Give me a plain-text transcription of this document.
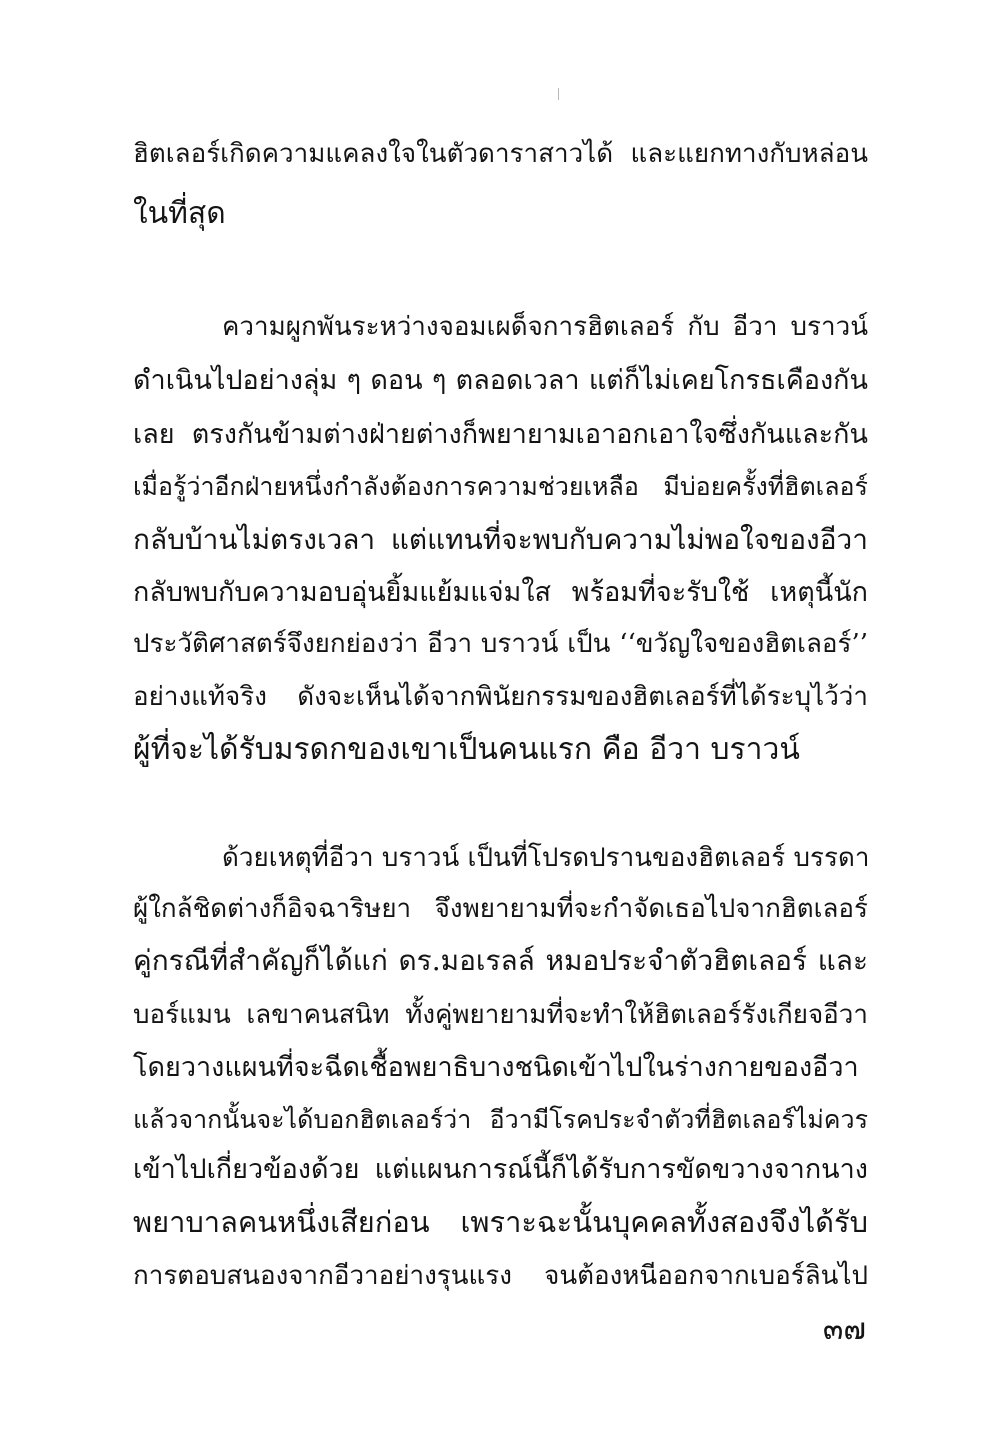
ฮิตเลอร์เกิดความแคลงใจในตัวดาราสาวได้ และแยกทางกับหล่อน
ในที่สุด
ความผูกพันระหว่างจอมเผด็จการฮิตเลอร์ กับ อีวา บราวน์
ดำเนินไปอย่างลุ่ม ๆ ดอน ๆ ตลอดเวลา แต่ก็ไม่เคยโกรธเคืองกัน
เลย ตรงกันข้ามต่างฝ่ายต่างก็พยายามเอาอกเอาใจซึ่งกันและกัน
เมื่อรู้ว่าอีกฝ่ายหนึ่งกำลังต้องการความช่วยเหลือ มีบ่อยครั้งที่ฮิตเลอร์
กลับบ้านไม่ตรงเวลา แต่แทนที่จะพบกับความไม่พอใจของอีวา
กลับพบกับความอบอุ่นยิ้มแย้มแจ่มใส พร้อมที่จะรับใช้ เหตุนี้นัก
ประวัติศาสตร์จึงยกย่องว่า อีวา บราวน์ เป็น ‘‘ขวัญใจของฮิตเลอร์’’
อย่างแท้จริง ดังจะเห็นได้จากพินัยกรรมของฮิตเลอร์ที่ได้ระบุไว้ว่า
ผู้ที่จะได้รับมรดกของเขาเป็นคนแรก คือ อีวา บราวน์
ด้วยเหตุที่อีวา บราวน์ เป็นที่โปรดปรานของฮิตเลอร์ บรรดา
ผู้ใกล้ชิดต่างก็อิจฉาริษยา จึงพยายามที่จะกำจัดเธอไปจากฮิตเลอร์
คู่กรณีที่สำคัญก็ได้แก่ ดร.มอเรลล์ หมอประจำตัวฮิตเลอร์ และ
บอร์แมน เลขาคนสนิท ทั้งคู่พยายามที่จะทำให้ฮิตเลอร์รังเกียจอีวา
โดยวางแผนที่จะฉีดเชื้อพยาธิบางชนิดเข้าไปในร่างกายของอีวา
แล้วจากนั้นจะได้บอกฮิตเลอร์ว่า อีวามีโรคประจำตัวที่ฮิตเลอร์ไม่ควร
เข้าไปเกี่ยวข้องด้วย แต่แผนการณ์นี้ก็ได้รับการขัดขวางจากนาง
พยาบาลคนหนึ่งเสียก่อน เพราะฉะนั้นบุคคลทั้งสองจึงได้รับ
การตอบสนองจากอีวาอย่างรุนแรง จนต้องหนีออกจากเบอร์ลินไป
๓๗
